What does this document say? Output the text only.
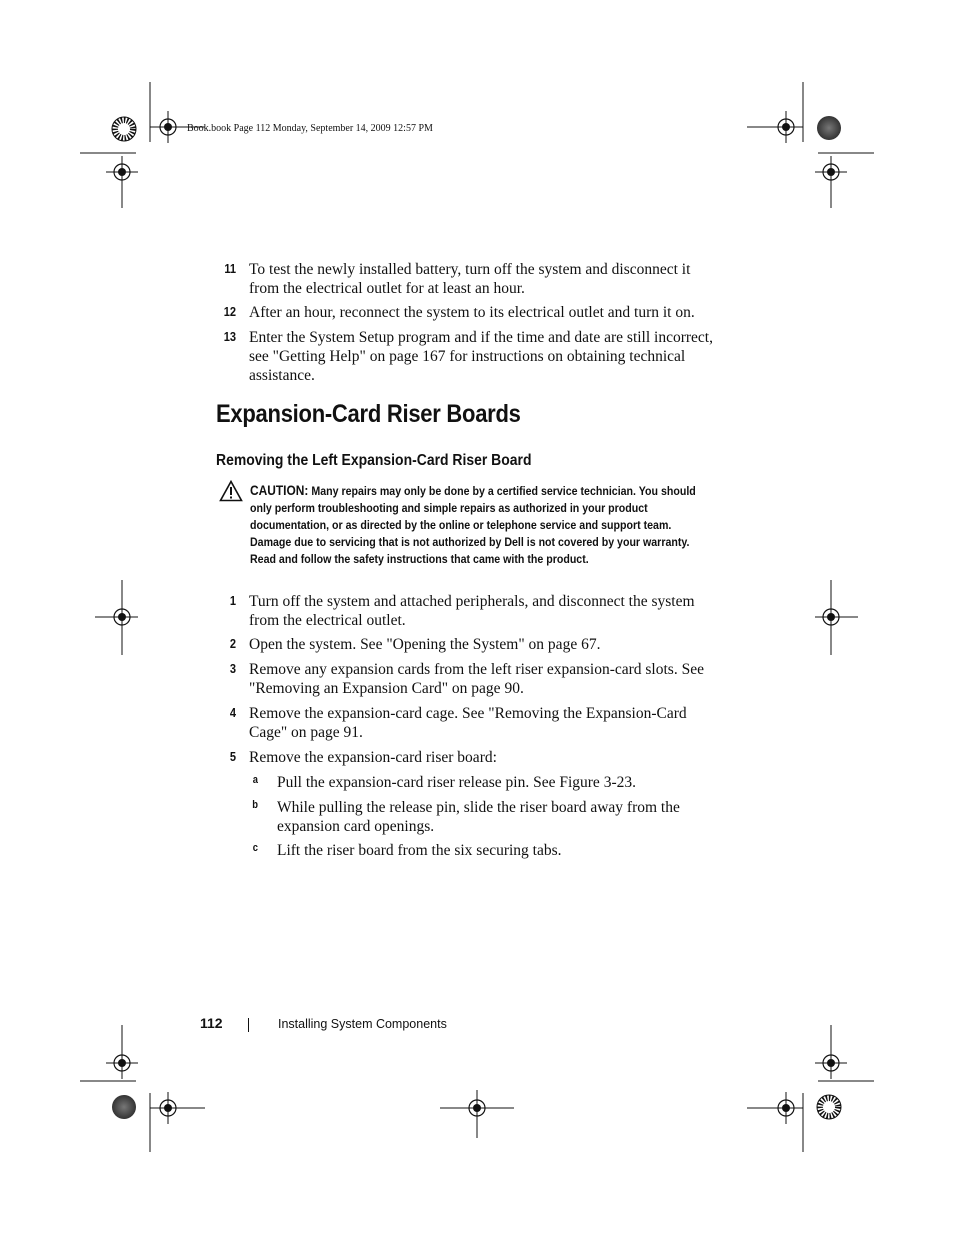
Book.book Page 112 Monday, September 14, 2009 12:57 PM
11 To test the newly installed battery, turn off the system and disconnect it from the electrical outlet for at least an hour.
12 After an hour, reconnect the system to its electrical outlet and turn it on.
13 Enter the System Setup program and if the time and date are still incorrect, see "Getting Help" on page 167 for instructions on obtaining technical assistance.
Expansion-Card Riser Boards
Removing the Left Expansion-Card Riser Board
CAUTION: Many repairs may only be done by a certified service technician. You should only perform troubleshooting and simple repairs as authorized in your product documentation, or as directed by the online or telephone service and support team. Damage due to servicing that is not authorized by Dell is not covered by your warranty. Read and follow the safety instructions that came with the product.
1 Turn off the system and attached peripherals, and disconnect the system from the electrical outlet.
2 Open the system. See "Opening the System" on page 67.
3 Remove any expansion cards from the left riser expansion-card slots. See "Removing an Expansion Card" on page 90.
4 Remove the expansion-card cage. See "Removing the Expansion-Card Cage" on page 91.
5 Remove the expansion-card riser board:
a Pull the expansion-card riser release pin. See Figure 3-23.
b While pulling the release pin, slide the riser board away from the expansion card openings.
c Lift the riser board from the six securing tabs.
112	Installing System Components
